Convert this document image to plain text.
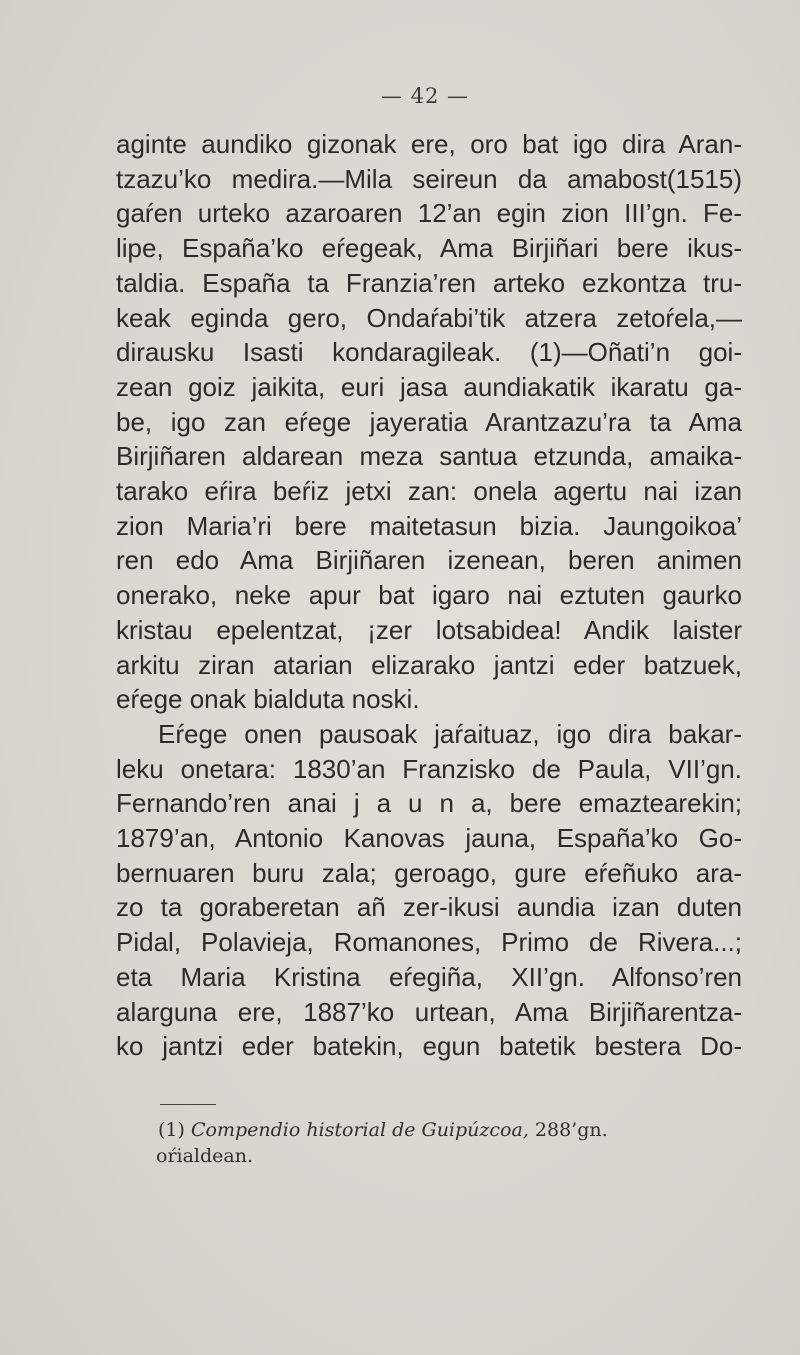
— 42 —
aginte aundiko gizonak ere, oro bat igo dira Aran-
tzazu’ko medira.—Mila seireun da amabost(1515)
gaŕen urteko azaroaren 12’an egin zion III’gn. Fe-
lipe, España’ko eŕegeak, Ama Birjiñari bere ikus-
taldia. España ta Franzia’ren arteko ezkontza tru-
keak eginda gero, Ondaŕabi’tik atzera zetoŕela,—
dirausku Isasti kondaragileak. (1)—Oñati’n goi-
zean goiz jaikita, euri jasa aundiakatik ikaratu ga-
be, igo zan eŕege jayeratia Arantzazu’ra ta Ama
Birjiñaren aldarean meza santua etzunda, amaika-
tarako eŕira beŕiz jetxi zan: onela agertu nai izan
zion Maria’ri bere maitetasun bizia. Jaungoikoa’
ren edo Ama Birjiñaren izenean, beren animen
onerako, neke apur bat igaro nai eztuten gaurko
kristau epelentzat, ¡zer lotsabidea! Andik laister
arkitu ziran atarian elizarako jantzi eder batzuek,
eŕege onak bialduta noski.
Eŕege onen pausoak jaŕaituaz, igo dira bakar-
leku onetara: 1830’an Franzisko de Paula, VII’gn.
Fernando’ren anai j a u n a, bere emaztearekin;
1879’an, Antonio Kanovas jauna, España’ko Go-
bernuaren buru zala; geroago, gure eŕeñuko ara-
zo ta goraberetan añ zer-ikusi aundia izan duten
Pidal, Polavieja, Romanones, Primo de Rivera...;
eta Maria Kristina eŕegiña, XII’gn. Alfonso’ren
alarguna ere, 1887’ko urtean, Ama Birjiñarentza-
ko jantzi eder batekin, egun batetik bestera Do-
(1) Compendio historial de Guipúzcoa, 288’gn.
oŕialdean.
